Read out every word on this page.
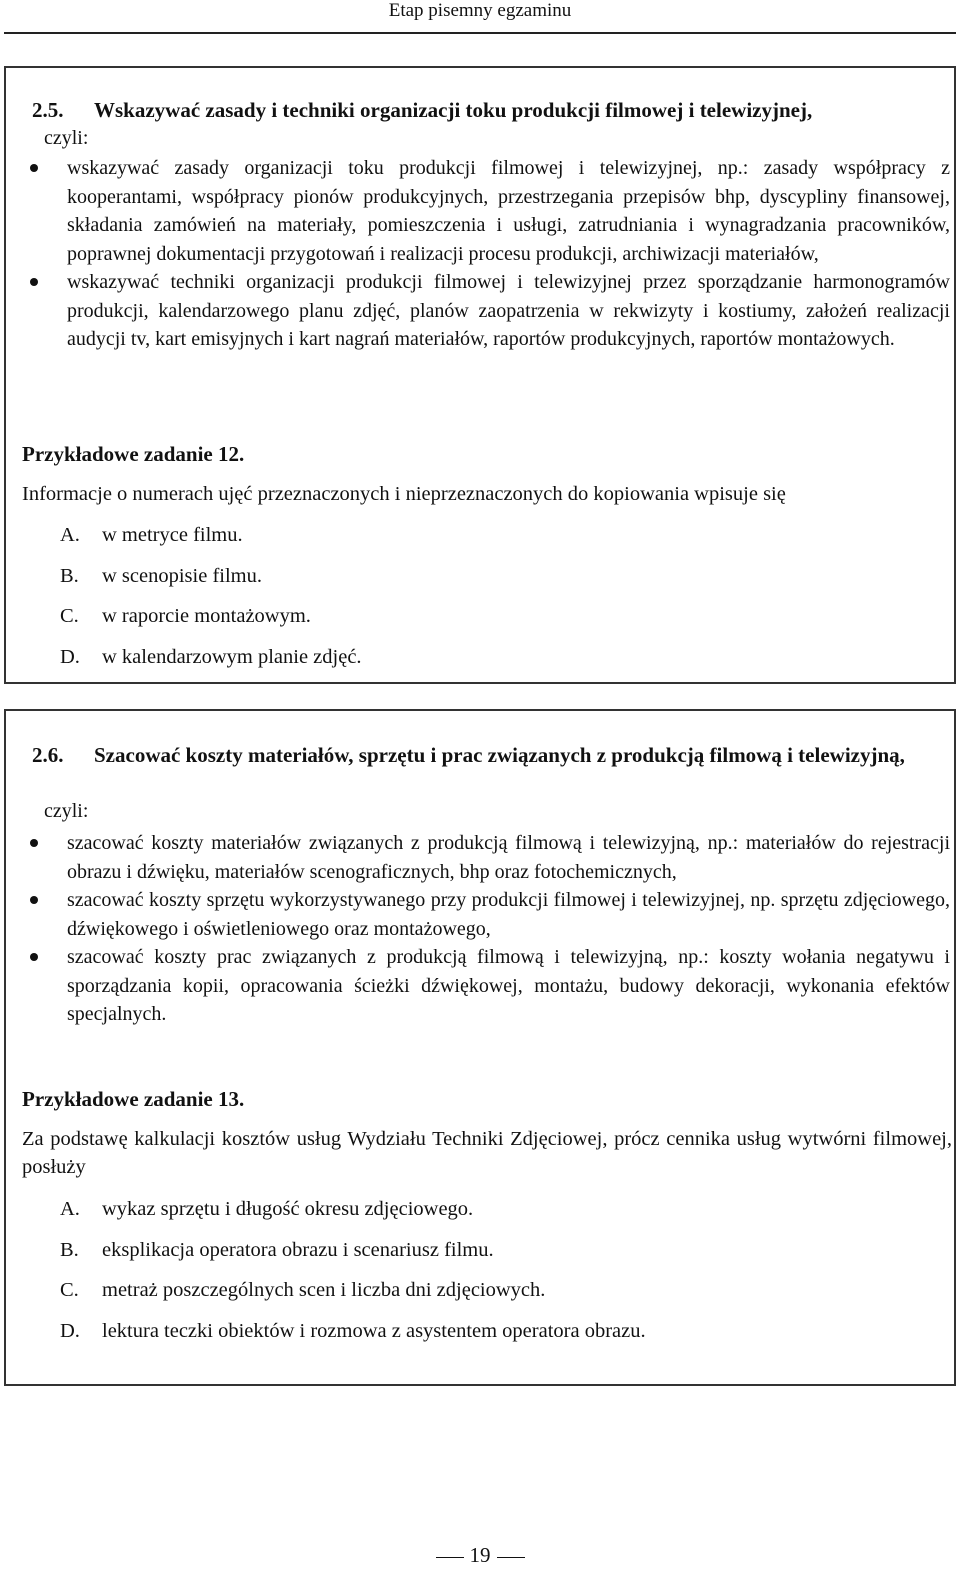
Etap pisemny egzaminu
2.5. Wskazywać zasady i techniki organizacji toku produkcji filmowej i telewizyjnej,
czyli:
wskazywać zasady organizacji toku produkcji filmowej i telewizyjnej, np.: zasady współpracy z kooperantami, współpracy pionów produkcyjnych, przestrzegania przepisów bhp, dyscypliny finansowej, składania zamówień na materiały, pomieszczenia i usługi, zatrudniania i wynagradzania pracowników, poprawnej dokumentacji przygotowań i realizacji procesu produkcji, archiwizacji materiałów,
wskazywać techniki organizacji produkcji filmowej i telewizyjnej przez sporządzanie harmonogramów produkcji, kalendarzowego planu zdjęć, planów zaopatrzenia w rekwizyty i kostiumy, założeń realizacji audycji tv, kart emisyjnych i kart nagrań materiałów, raportów produkcyjnych, raportów montażowych.
Przykładowe zadanie 12.
Informacje o numerach ujęć przeznaczonych i nieprzeznaczonych do kopiowania wpisuje się
A. w metryce filmu.
B. w scenopisie filmu.
C. w raporcie montażowym.
D. w kalendarzowym planie zdjęć.
2.6. Szacować koszty materiałów, sprzętu i prac związanych z produkcją filmową i telewizyjną,
czyli:
szacować koszty materiałów związanych z produkcją filmową i telewizyjną, np.: materiałów do rejestracji obrazu i dźwięku, materiałów scenograficznych, bhp oraz fotochemicznych,
szacować koszty sprzętu wykorzystywanego przy produkcji filmowej i telewizyjnej, np. sprzętu zdjęciowego, dźwiękowego i oświetleniowego oraz montażowego,
szacować koszty prac związanych z produkcją filmową i telewizyjną, np.: koszty wołania negatywu i sporządzania kopii, opracowania ścieżki dźwiękowej, montażu, budowy dekoracji, wykonania efektów specjalnych.
Przykładowe zadanie 13.
Za podstawę kalkulacji kosztów usług Wydziału Techniki Zdjęciowej, prócz cennika usług wytwórni filmowej, posłuży
A. wykaz sprzętu i długość okresu zdjęciowego.
B. eksplikacja operatora obrazu i scenariusz filmu.
C. metraż poszczególnych scen i liczba dni zdjęciowych.
D. lektura teczki obiektów i rozmowa z asystentem operatora obrazu.
19
